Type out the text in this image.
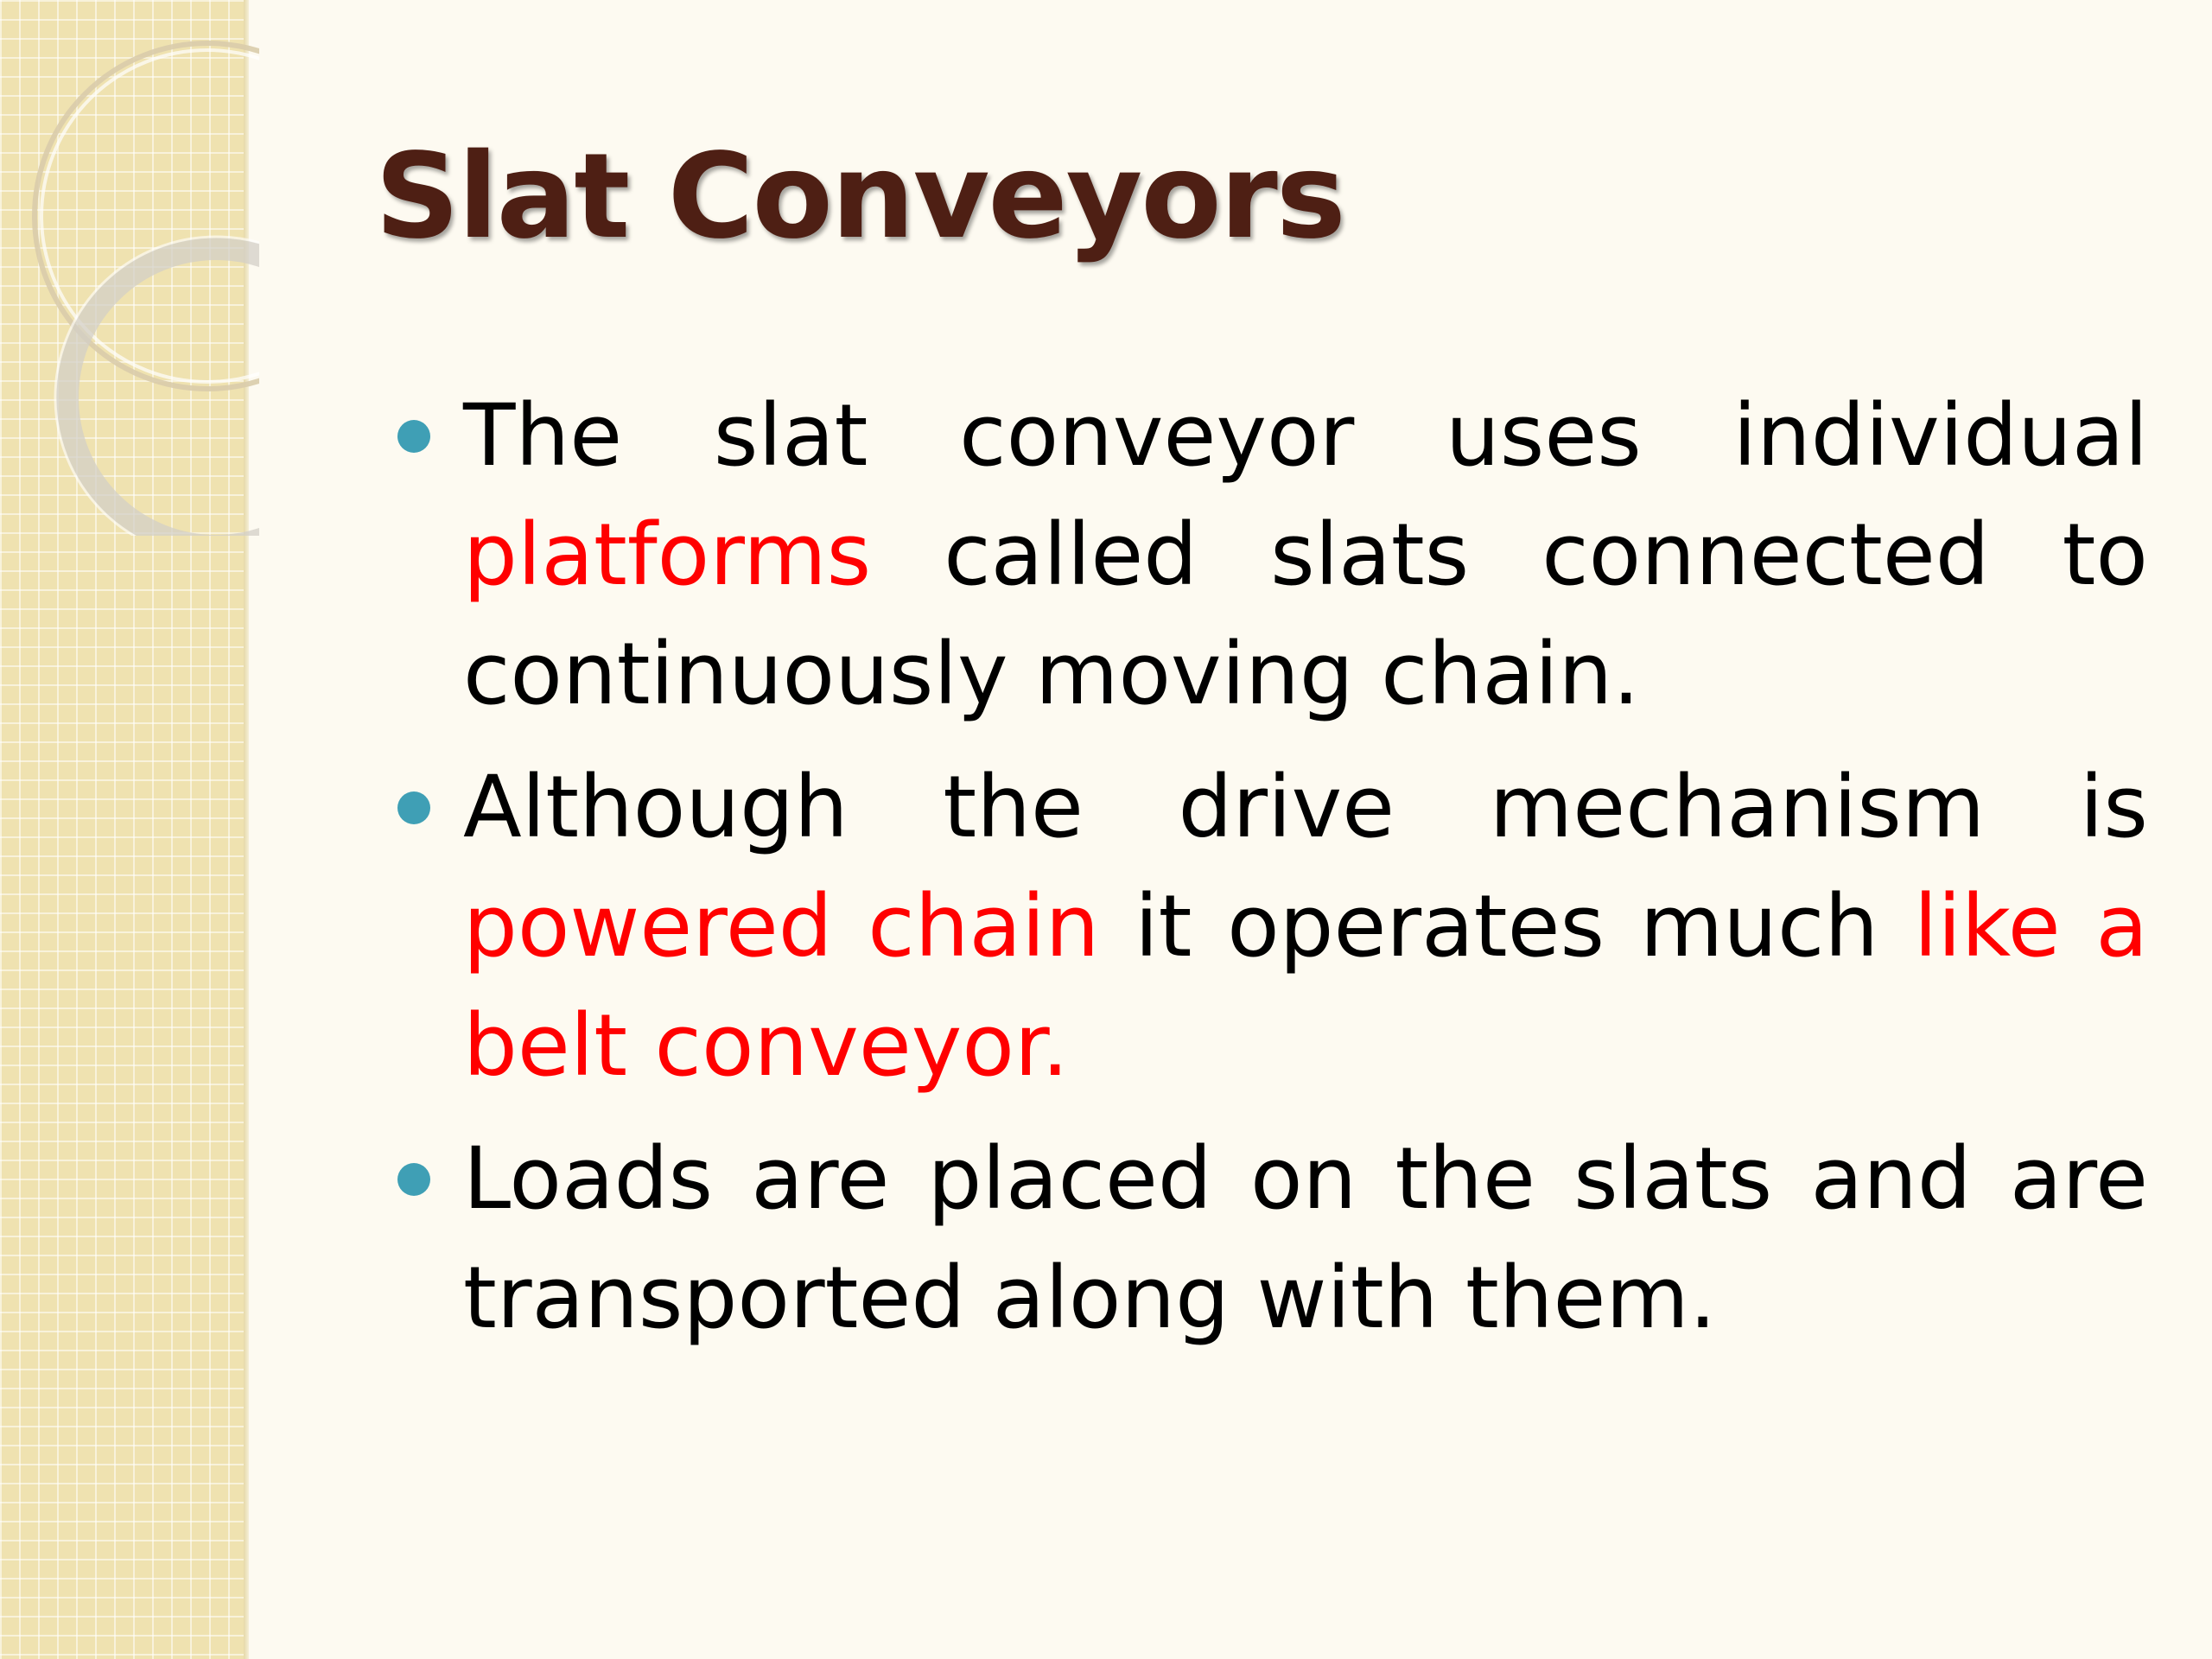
Slat Conveyors
The slat conveyor uses individual platforms called slats connected to continuously moving chain.
Although the drive mechanism is powered chain it operates much like a belt conveyor.
Loads are placed on the slats and are transported along with them.
